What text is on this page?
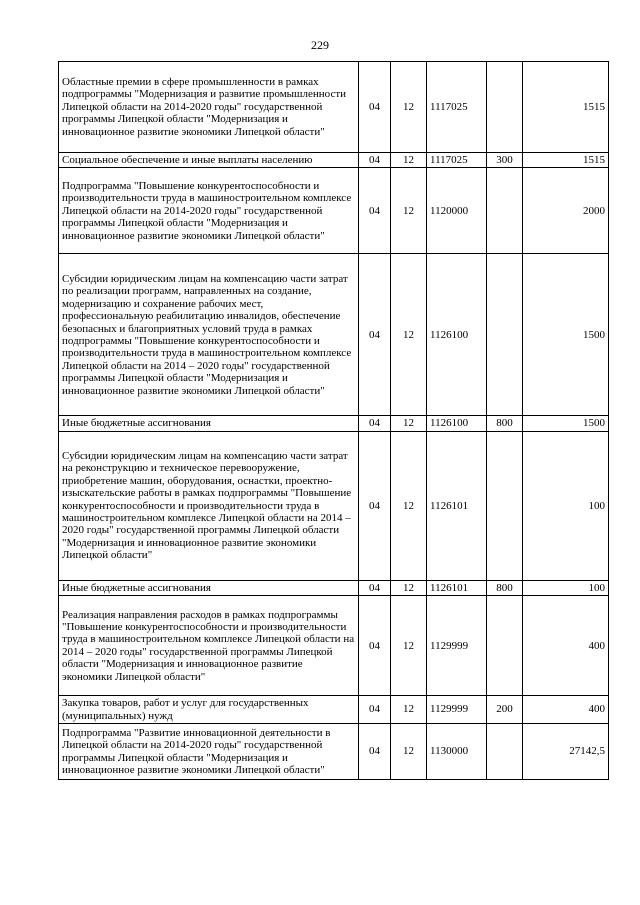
229
Областные премии в сфере промышленности в рамках подпрограммы "Модернизация и развитие промышленности Липецкой области на 2014-2020 годы" государственной программы Липецкой области "Модернизация и инновационное развитие экономики Липецкой области"	04	12	1117025		1515
Социальное обеспечение и иные выплаты населению	04	12	1117025	300	1515
Подпрограмма "Повышение конкурентоспособности и производительности труда в машиностроительном комплексе Липецкой области на 2014-2020 годы" государственной программы Липецкой области "Модернизация и инновационное развитие экономики Липецкой области"	04	12	1120000		2000
Субсидии юридическим лицам на компенсацию части затрат по реализации программ, направленных на создание, модернизацию и сохранение рабочих мест, профессиональную реабилитацию инвалидов, обеспечение безопасных и благоприятных условий труда в рамках подпрограммы "Повышение конкурентоспособности и производительности труда в машиностроительном комплексе Липецкой области на 2014 – 2020 годы" государственной программы Липецкой области "Модернизация и инновационное развитие экономики Липецкой области"	04	12	1126100		1500
Иные бюджетные ассигнования	04	12	1126100	800	1500
Субсидии юридическим лицам на компенсацию части затрат на реконструкцию и техническое перевооружение, приобретение машин, оборудования, оснастки, проектно-изыскательские работы в рамках подпрограммы "Повышение конкурентоспособности и производительности труда в машиностроительном комплексе Липецкой области на 2014 – 2020 годы" государственной программы Липецкой области "Модернизация и инновационное развитие экономики Липецкой области"	04	12	1126101		100
Иные бюджетные ассигнования	04	12	1126101	800	100
Реализация направления расходов в рамках подпрограммы "Повышение конкурентоспособности и производительности труда в машиностроительном комплексе Липецкой области на 2014 – 2020 годы" государственной программы Липецкой области "Модернизация и инновационное развитие экономики Липецкой области"	04	12	1129999		400
Закупка товаров, работ и услуг для государственных (муниципальных) нужд	04	12	1129999	200	400
Подпрограмма "Развитие инновационной деятельности в Липецкой области на 2014-2020 годы" государственной программы Липецкой области "Модернизация и инновационное развитие экономики Липецкой области"	04	12	1130000		27142,5
